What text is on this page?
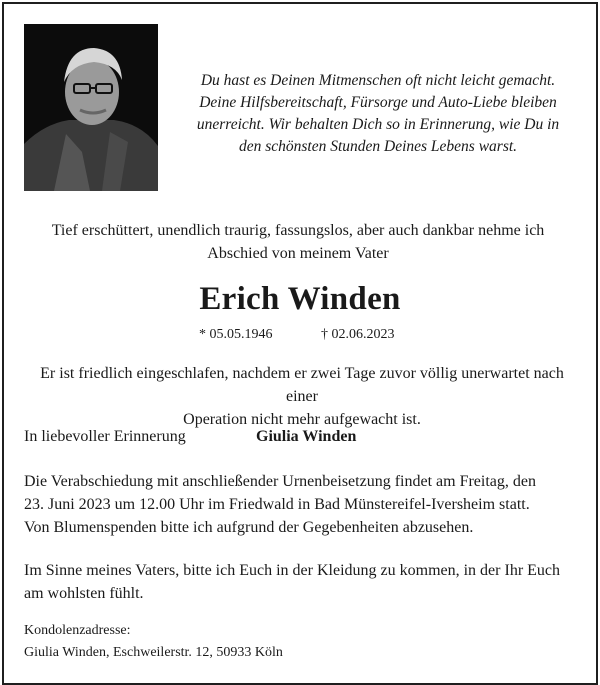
Du hast es Deinen Mitmenschen oft nicht leicht gemacht.

Deine Hilfsbereitschaft, Fürsorge und Auto-Liebe bleiben

unerreicht. Wir behalten Dich so in Erinnerung, wie Du in

den schönsten Stunden Deines Lebens warst.

Tief erschüttert, unendlich traurig, fassungslos, aber auch dankbar nehme ich

Abschied von meinem Vater

Erich Winden
* 05.05.1946	† 02.06.2023

Er ist friedlich eingeschlafen, nachdem er zwei Tage zuvor völlig unerwartet nach einer

Operation nicht mehr aufgewacht ist.

In liebevoller Erinnerung	Giulia Winden

Die Verabschiedung mit anschließender Urnenbeisetzung findet am Freitag, den

23. Juni 2023 um 12.00 Uhr im Friedwald in Bad Münstereifel-Iversheim statt.

Von Blumenspenden bitte ich aufgrund der Gegebenheiten abzusehen.

Im Sinne meines Vaters, bitte ich Euch in der Kleidung zu kommen, in der Ihr Euch

am wohlsten fühlt.

Kondolenzadresse:
Giulia Winden, Eschweilerstr. 12, 50933 Köln
